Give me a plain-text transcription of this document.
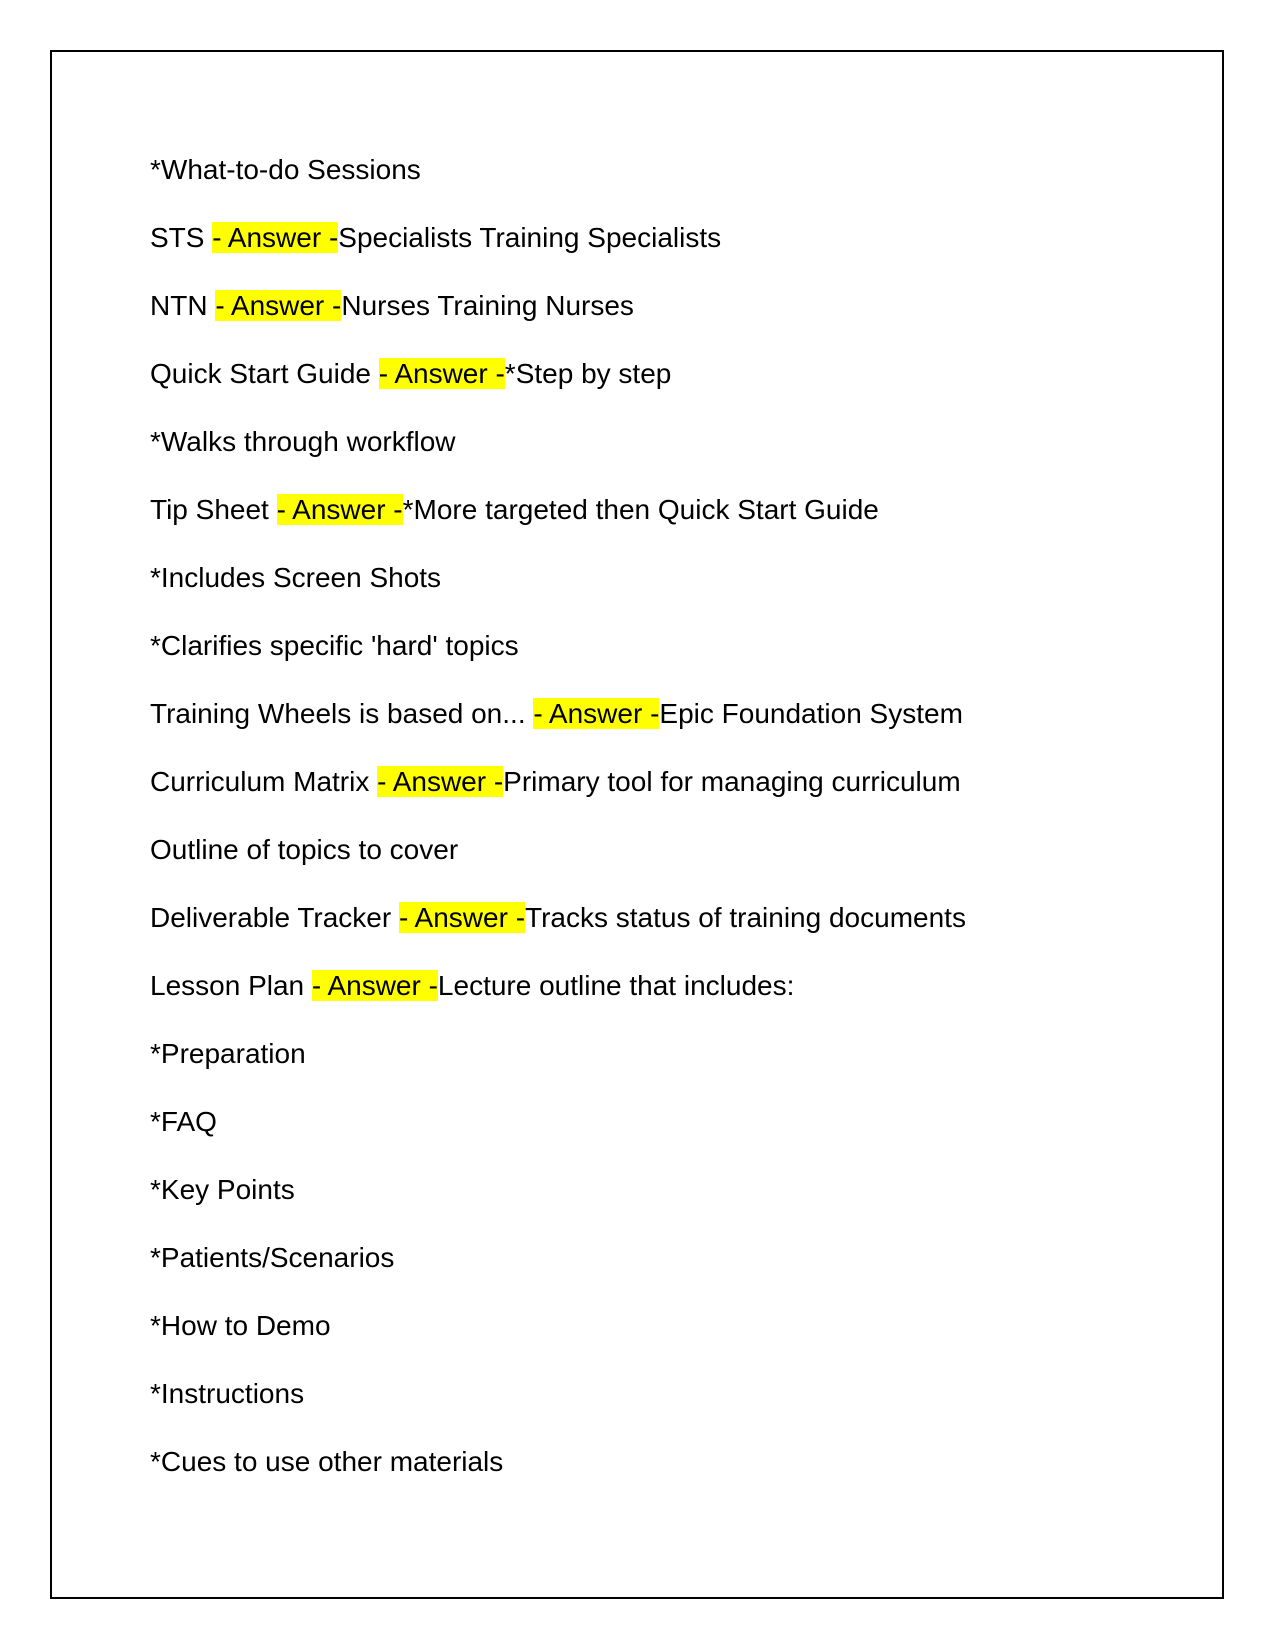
*What-to-do Sessions
STS - Answer -Specialists Training Specialists
NTN - Answer -Nurses Training Nurses
Quick Start Guide - Answer -*Step by step
*Walks through workflow
Tip Sheet - Answer -*More targeted then Quick Start Guide
*Includes Screen Shots
*Clarifies specific 'hard' topics
Training Wheels is based on... - Answer -Epic Foundation System
Curriculum Matrix - Answer -Primary tool for managing curriculum
Outline of topics to cover
Deliverable Tracker - Answer -Tracks status of training documents
Lesson Plan - Answer -Lecture outline that includes:
*Preparation
*FAQ
*Key Points
*Patients/Scenarios
*How to Demo
*Instructions
*Cues to use other materials
